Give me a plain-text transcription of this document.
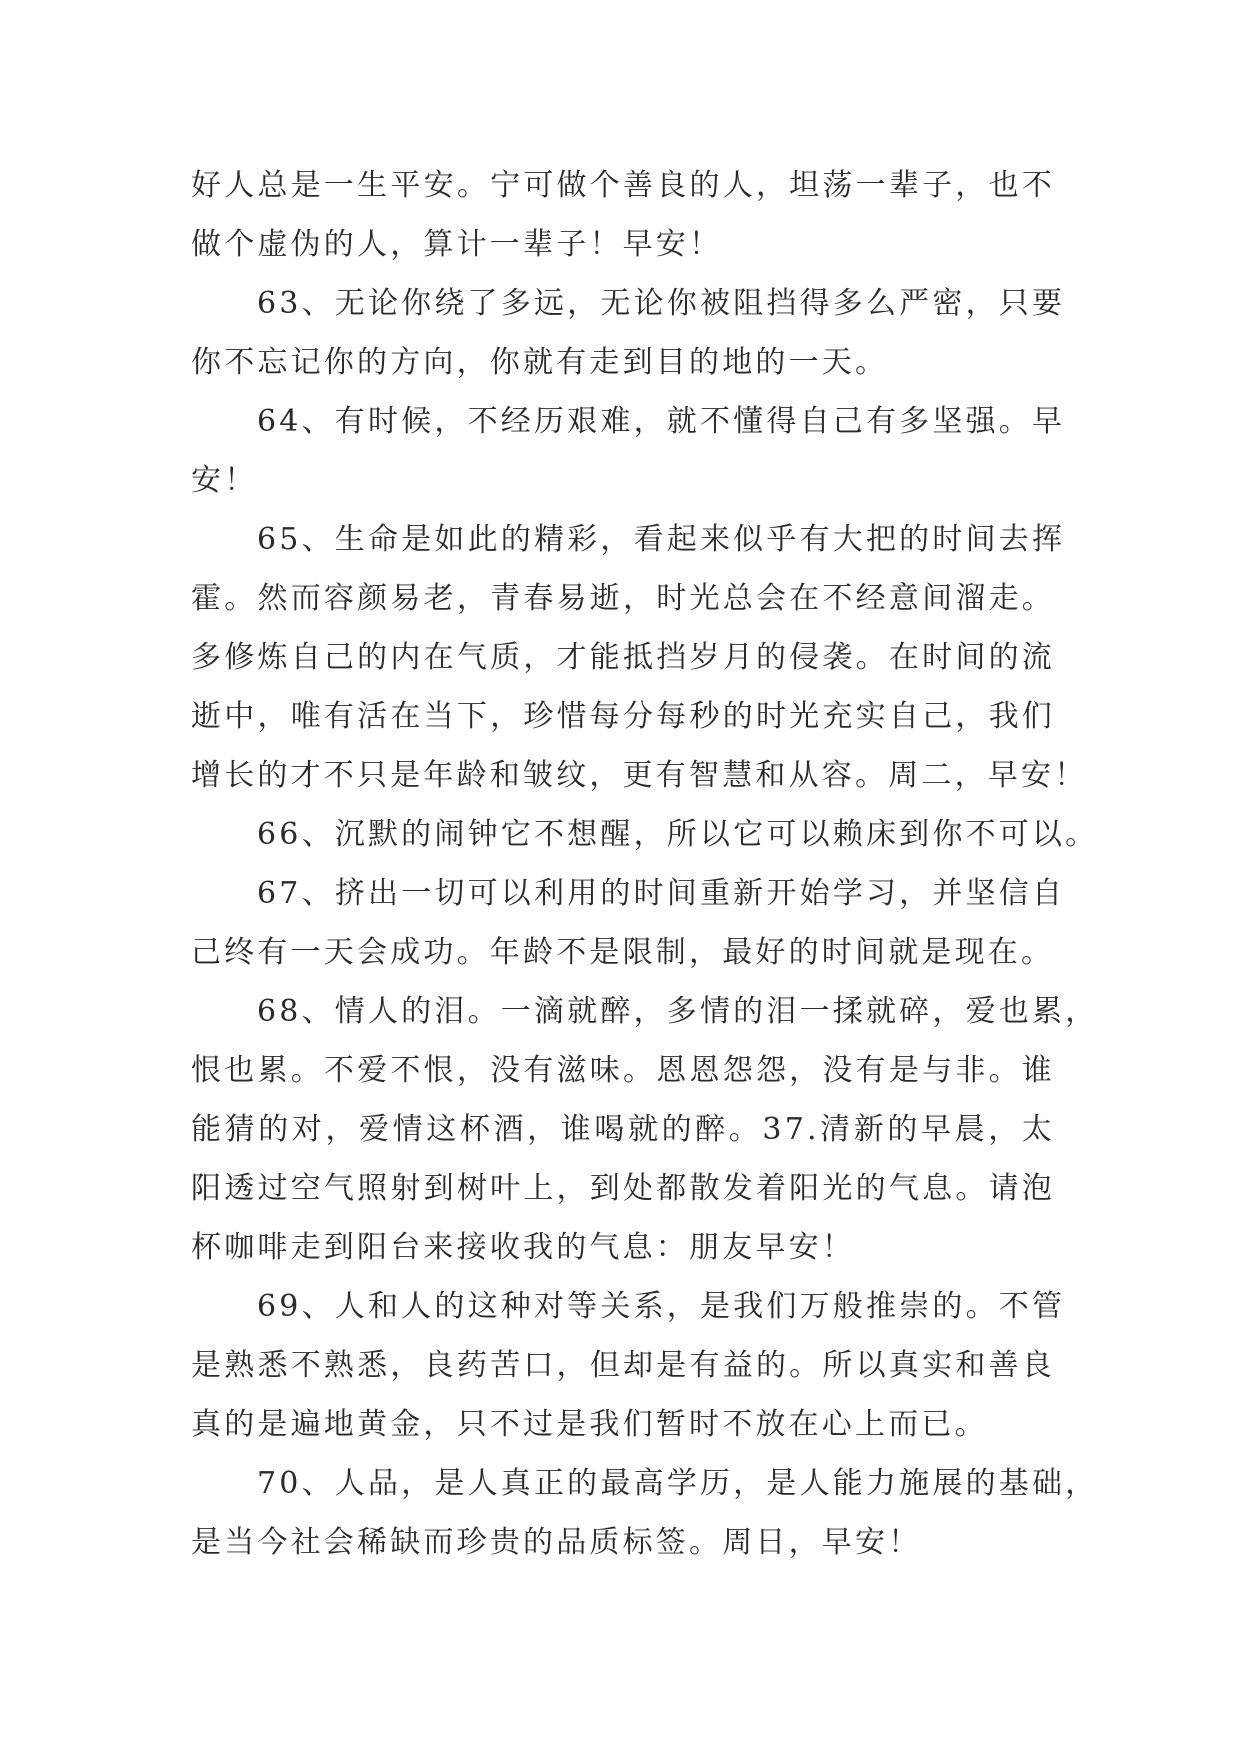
好人总是一生平安。宁可做个善良的人，坦荡一辈子，也不
做个虚伪的人，算计一辈子！早安！
63、无论你绕了多远，无论你被阻挡得多么严密，只要
你不忘记你的方向，你就有走到目的地的一天。
64、有时候，不经历艰难，就不懂得自己有多坚强。早
安！
65、生命是如此的精彩，看起来似乎有大把的时间去挥
霍。然而容颜易老，青春易逝，时光总会在不经意间溜走。
多修炼自己的内在气质，才能抵挡岁月的侵袭。在时间的流
逝中，唯有活在当下，珍惜每分每秒的时光充实自己，我们
增长的才不只是年龄和皱纹，更有智慧和从容。周二，早安！
66、沉默的闹钟它不想醒，所以它可以赖床到你不可以。
67、挤出一切可以利用的时间重新开始学习，并坚信自
己终有一天会成功。年龄不是限制，最好的时间就是现在。
68、情人的泪。一滴就醉，多情的泪一揉就碎，爱也累，
恨也累。不爱不恨，没有滋味。恩恩怨怨，没有是与非。谁
能猜的对，爱情这杯酒，谁喝就的醉。37.清新的早晨，太
阳透过空气照射到树叶上，到处都散发着阳光的气息。请泡
杯咖啡走到阳台来接收我的气息：朋友早安！
69、人和人的这种对等关系，是我们万般推崇的。不管
是熟悉不熟悉，良药苦口，但却是有益的。所以真实和善良
真的是遍地黄金，只不过是我们暂时不放在心上而已。
70、人品，是人真正的最高学历，是人能力施展的基础，
是当今社会稀缺而珍贵的品质标签。周日，早安！
